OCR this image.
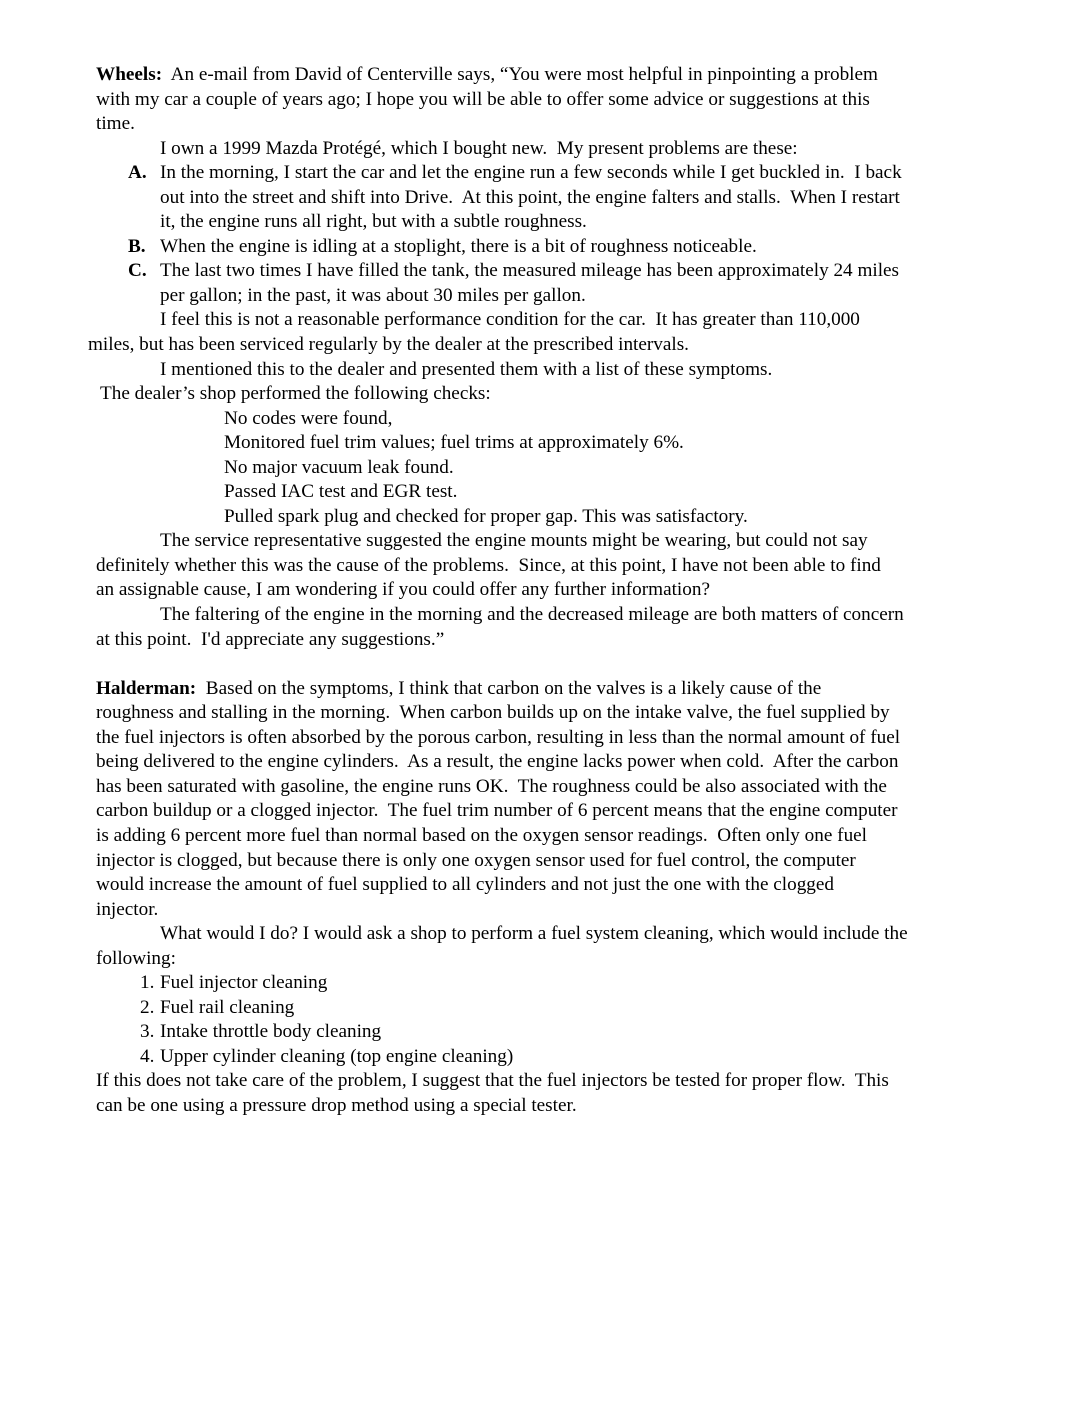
Wheels:  An e-mail from David of Centerville says, “You were most helpful in pinpointing a problem
with my car a couple of years ago; I hope you will be able to offer some advice or suggestions at this
time.
I own a 1999 Mazda Protégé, which I bought new.  My present problems are these:
A. In the morning, I start the car and let the engine run a few seconds while I get buckled in.  I back
out into the street and shift into Drive.  At this point, the engine falters and stalls.  When I restart
it, the engine runs all right, but with a subtle roughness.
B. When the engine is idling at a stoplight, there is a bit of roughness noticeable.
C. The last two times I have filled the tank, the measured mileage has been approximately 24 miles
per gallon; in the past, it was about 30 miles per gallon.
I feel this is not a reasonable performance condition for the car.  It has greater than 110,000
miles, but has been serviced regularly by the dealer at the prescribed intervals.
I mentioned this to the dealer and presented them with a list of these symptoms.
The dealer’s shop performed the following checks:
No codes were found,
Monitored fuel trim values; fuel trims at approximately 6%.
No major vacuum leak found.
Passed IAC test and EGR test.
Pulled spark plug and checked for proper gap. This was satisfactory.
The service representative suggested the engine mounts might be wearing, but could not say
definitely whether this was the cause of the problems.  Since, at this point, I have not been able to find
an assignable cause, I am wondering if you could offer any further information?
The faltering of the engine in the morning and the decreased mileage are both matters of concern
at this point.  I'd appreciate any suggestions.”
Halderman:  Based on the symptoms, I think that carbon on the valves is a likely cause of the
roughness and stalling in the morning.  When carbon builds up on the intake valve, the fuel supplied by
the fuel injectors is often absorbed by the porous carbon, resulting in less than the normal amount of fuel
being delivered to the engine cylinders.  As a result, the engine lacks power when cold.  After the carbon
has been saturated with gasoline, the engine runs OK.  The roughness could be also associated with the
carbon buildup or a clogged injector.  The fuel trim number of 6 percent means that the engine computer
is adding 6 percent more fuel than normal based on the oxygen sensor readings.  Often only one fuel
injector is clogged, but because there is only one oxygen sensor used for fuel control, the computer
would increase the amount of fuel supplied to all cylinders and not just the one with the clogged
injector.
What would I do? I would ask a shop to perform a fuel system cleaning, which would include the
following:
1. Fuel injector cleaning
2. Fuel rail cleaning
3. Intake throttle body cleaning
4. Upper cylinder cleaning (top engine cleaning)
If this does not take care of the problem, I suggest that the fuel injectors be tested for proper flow.  This
can be one using a pressure drop method using a special tester.
